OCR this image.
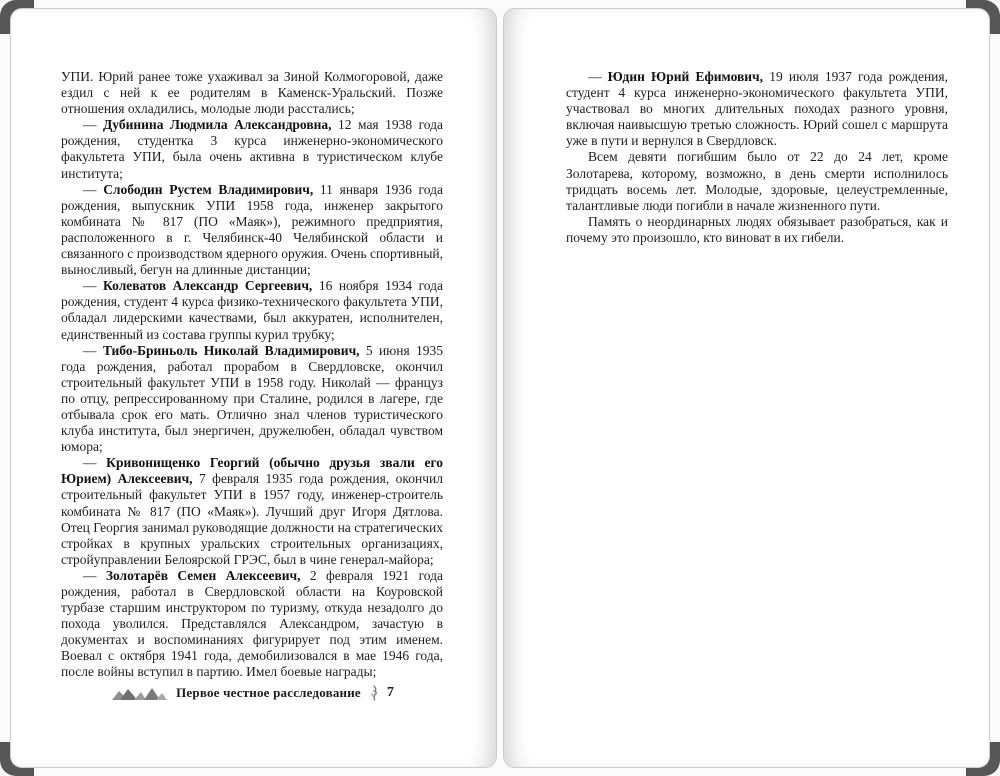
УПИ. Юрий ранее тоже ухаживал за Зиной Колмогоровой, даже ездил с ней к ее родителям в Каменск-Уральский. Позже отношения охладились, молодые люди расстались;

— Дубинина Людмила Александровна, 12 мая 1938 года рождения, студентка 3 курса инженерно-экономического факультета УПИ, была очень активна в туристическом клубе института;

— Слободин Рустем Владимирович, 11 января 1936 года рождения, выпускник УПИ 1958 года, инженер закрытого комбината № 817 (ПО «Маяк»), режимного предприятия, расположенного в г. Челябинск-40 Челябинской области и связанного с производством ядерного оружия. Очень спортивный, выносливый, бегун на длинные дистанции;

— Колеватов Александр Сергеевич, 16 ноября 1934 года рождения, студент 4 курса физико-технического факультета УПИ, обладал лидерскими качествами, был аккуратен, исполнителен, единственный из состава группы курил трубку;

— Тибо-Бриньоль Николай Владимирович, 5 июня 1935 года рождения, работал прорабом в Свердловске, окончил строительный факультет УПИ в 1958 году. Николай — француз по отцу, репрессированному при Сталине, родился в лагере, где отбывала срок его мать. Отлично знал членов туристического клуба института, был энергичен, дружелюбен, обладал чувством юмора;

— Кривонищенко Георгий (обычно друзья звали его Юрием) Алексеевич, 7 февраля 1935 года рождения, окончил строительный факультет УПИ в 1957 году, инженер-строитель комбината № 817 (ПО «Маяк»). Лучший друг Игоря Дятлова. Отец Георгия занимал руководящие должности на стратегических стройках в крупных уральских строительных организациях, стройуправлении Белоярской ГРЭС, был в чине генерал-майора;

— Золотарёв Семен Алексеевич, 2 февраля 1921 года рождения, работал в Свердловской области на Коуровской турбазе старшим инструктором по туризму, откуда незадолго до похода уволился. Представлялся Александром, зачастую в документах и воспоминаниях фигурирует под этим именем. Воевал с октября 1941 года, демобилизовался в мае 1946 года, после войны вступил в партию. Имел боевые награды;

Первое честное расследование 7

— Юдин Юрий Ефимович, 19 июля 1937 года рождения, студент 4 курса инженерно-экономического факультета УПИ, участвовал во многих длительных походах разного уровня, включая наивысшую третью сложность. Юрий сошел с маршрута уже в пути и вернулся в Свердловск.

Всем девяти погибшим было от 22 до 24 лет, кроме Золотарева, которому, возможно, в день смерти исполнилось тридцать восемь лет. Молодые, здоровые, целеустремленные, талантливые люди погибли в начале жизненного пути.

Память о неординарных людях обязывает разобраться, как и почему это произошло, кто виноват в их гибели.
